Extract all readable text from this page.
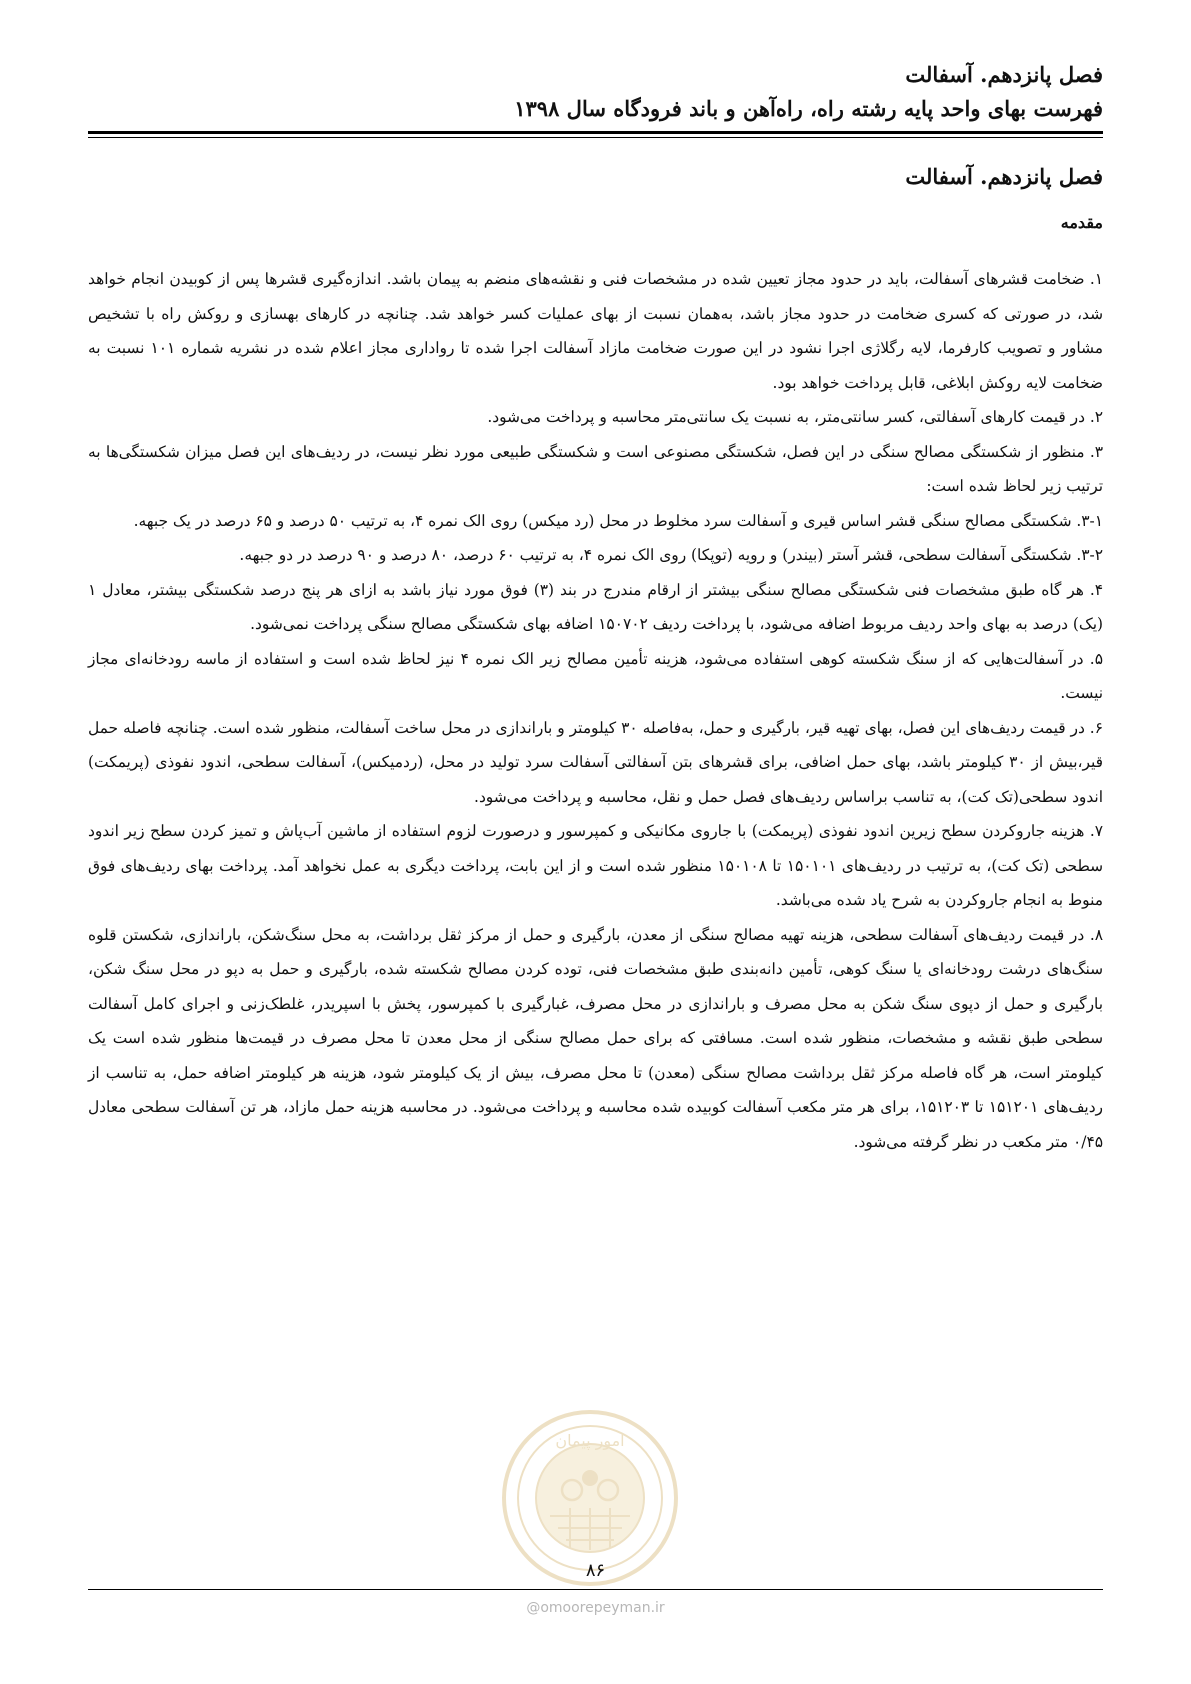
فصل پانزدهم. آسفالت
فهرست بهای واحد پایه رشته راه، راه‌آهن و باند فرودگاه سال ۱۳۹۸
فصل پانزدهم. آسفالت
مقدمه

۱. ضخامت قشرهای آسفالت، باید در حدود مجاز تعیین شده در مشخصات فنی و نقشه‌های منضم به پیمان باشد. اندازه‌گیری قشرها پس از کوبیدن انجام خواهد شد، در صورتی که کسری ضخامت در حدود مجاز باشد، به‌همان نسبت از بهای عملیات کسر خواهد شد. چنانچه در کارهای بهسازی و روکش راه با تشخیص مشاور و تصویب کارفرما، لایه رگلاژی اجرا نشود در این صورت ضخامت مازاد آسفالت اجرا شده تا رواداری مجاز اعلام شده در نشریه شماره ۱۰۱ نسبت به ضخامت لایه روکش ابلاغی، قابل پرداخت خواهد بود.

۲. در قیمت کارهای آسفالتی، کسر سانتی‌متر، به نسبت یک سانتی‌متر محاسبه و پرداخت می‌شود.

۳. منظور از شکستگی مصالح سنگی در این فصل، شکستگی مصنوعی است و شکستگی طبیعی مورد نظر نیست، در ردیف‌های این فصل میزان شکستگی‌ها به ترتیب زیر لحاظ شده است:

۳-۱. شکستگی مصالح سنگی قشر اساس قیری و آسفالت سرد مخلوط در محل (رد میکس) روی الک نمره ۴، به ترتیب ۵۰ درصد و ۶۵ درصد در یک جبهه.

۳-۲. شکستگی آسفالت سطحی، قشر آستر (بیندر) و رویه (توپکا) روی الک نمره ۴، به ترتیب ۶۰ درصد، ۸۰ درصد و ۹۰ درصد در دو جبهه.

۴. هر گاه طبق مشخصات فنی شکستگی مصالح سنگی بیشتر از ارقام مندرج در بند (۳) فوق مورد نیاز باشد به ازای هر پنج درصد شکستگی بیشتر، معادل ۱ (یک) درصد به بهای واحد ردیف مربوط اضافه می‌شود، با پرداخت ردیف ۱۵۰۷۰۲ اضافه بهای شکستگی مصالح سنگی پرداخت نمی‌شود.

۵. در آسفالت‌هایی که از سنگ شکسته کوهی استفاده می‌شود، هزینه تأمین مصالح زیر الک نمره ۴ نیز لحاظ شده است و استفاده از ماسه رودخانه‌ای مجاز نیست.

۶. در قیمت ردیف‌های این فصل، بهای تهیه قیر، بارگیری و حمل، به‌فاصله ۳۰ کیلومتر و باراندازی در محل ساخت آسفالت، منظور شده است. چنانچه فاصله حمل قیر،بیش از ۳۰ کیلومتر باشد، بهای حمل اضافی، برای قشرهای بتن آسفالتی آسفالت سرد تولید در محل، (ردمیکس)، آسفالت سطحی، اندود نفوذی (پریمکت) اندود سطحی(تک کت)، به تناسب براساس ردیف‌های فصل حمل و نقل، محاسبه و پرداخت می‌شود.

۷. هزینه جاروکردن سطح زیرین اندود نفوذی (پریمکت) با جاروی مکانیکی و کمپرسور و درصورت لزوم استفاده از ماشین آب‌پاش و تمیز کردن سطح زیر اندود سطحی (تک کت)، به ترتیب در ردیف‌های ۱۵۰۱۰۱ تا ۱۵۰۱۰۸ منظور شده است و از این بابت، پرداخت دیگری به عمل نخواهد آمد. پرداخت بهای ردیف‌های فوق منوط به انجام جاروکردن به شرح یاد شده می‌باشد.

۸. در قیمت ردیف‌های آسفالت سطحی، هزینه تهیه مصالح سنگی از معدن، بارگیری و حمل از مرکز ثقل برداشت، به محل سنگ‌شکن، باراندازی، شکستن قلوه سنگ‌های درشت رودخانه‌ای یا سنگ کوهی، تأمین دانه‌بندی طبق مشخصات فنی، توده کردن مصالح شکسته شده، بارگیری و حمل به دپو در محل سنگ شکن، بارگیری و حمل از دپوی سنگ شکن به محل مصرف و باراندازی در محل مصرف، غبارگیری با کمپرسور، پخش با اسپریدر، غلطک‌زنی و اجرای کامل آسفالت سطحی طبق نقشه و مشخصات، منظور شده است. مسافتی که برای حمل مصالح سنگی از محل معدن تا محل مصرف در قیمت‌ها منظور شده است یک کیلومتر است، هر گاه فاصله مرکز ثقل برداشت مصالح سنگی (معدن) تا محل مصرف، بیش از یک کیلومتر شود، هزینه هر کیلومتر اضافه حمل، به تناسب از ردیف‌های ۱۵۱۲۰۱ تا ۱۵۱۲۰۳، برای هر متر مکعب آسفالت کوبیده شده محاسبه و پرداخت می‌شود. در محاسبه هزینه حمل مازاد، هر تن آسفالت سطحی معادل ۰/۴۵ متر مکعب در نظر گرفته می‌شود.

امور پیمان
۸۶
@omoorepeyman.ir
